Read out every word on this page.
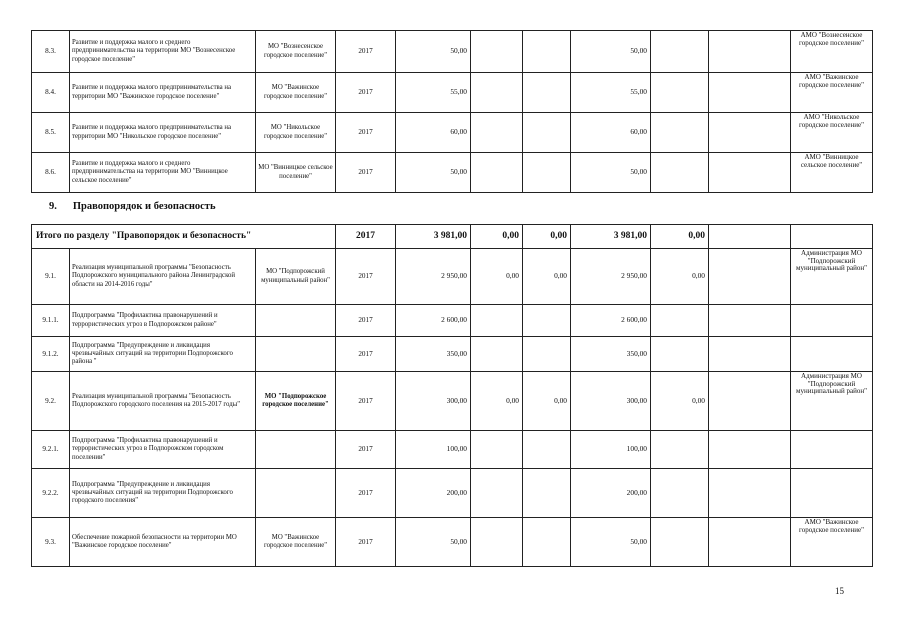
8.3.	Развитие и поддержка малого и среднего предпринимательства на территории МО "Вознесенское городское поселение"	МО "Вознесенское городское поселение"	2017	50,00			50,00			АМО "Вознесенское городское поселение"
8.4.	Развитие и поддержка малого предпринимательства на территории МО "Важинское городское поселение"	МО "Важинское городское поселение"	2017	55,00			55,00			АМО "Важинское городское поселение"
8.5.	Развитие и поддержка малого предпринимательства на территории МО "Никольское городское поселение"	МО "Никольское городское поселение"	2017	60,00			60,00			АМО "Никольское городское поселение"
8.6.	Развитие и поддержка малого и среднего предпринимательства на территории МО "Винницкое сельское поселение"	МО "Винницкое сельское поселение"	2017	50,00			50,00			АМО "Винницкое сельское поселение"
9. Правопорядок и безопасность
Итого по разделу "Правопорядок и безопасность"			2017	3 981,00	0,00	0,00	3 981,00	0,00		
9.1.	Реализация муниципальной программы "Безопасность Подпорожского муниципального района Ленинградской области на 2014-2016 годы"	МО "Подпорожский муниципальный район"	2017	2 950,00	0,00	0,00	2 950,00	0,00		Администрация МО "Подпорожский муниципальный район"
9.1.1.	Подпрограмма "Профилактика правонарушений и террористических угроз в Подпорожском районе"		2017	2 600,00			2 600,00			
9.1.2.	Подпрограмма "Предупреждение и ликвидация чрезвычайных ситуаций на территории Подпорожского района "		2017	350,00			350,00			
9.2.	Реализация муниципальной программы "Безопасность Подпорожского городского поселения на 2015-2017 годы"	МО "Подпорожское городское поселение"	2017	300,00	0,00	0,00	300,00	0,00		Администрация МО "Подпорожский муниципальный район"
9.2.1.	Подпрограмма "Профилактика правонарушений и террористических угроз в Подпорожском городском поселении"		2017	100,00			100,00			
9.2.2.	Подпрограмма "Предупреждение и ликвидация чрезвычайных ситуаций на территории Подпорожского городского поселения"		2017	200,00			200,00			
9.3.	Обеспечение пожарной безопасности на территории МО "Важинское городское поселение"	МО "Важинское городское поселение"	2017	50,00			50,00			АМО "Важинское городское поселение"
15
